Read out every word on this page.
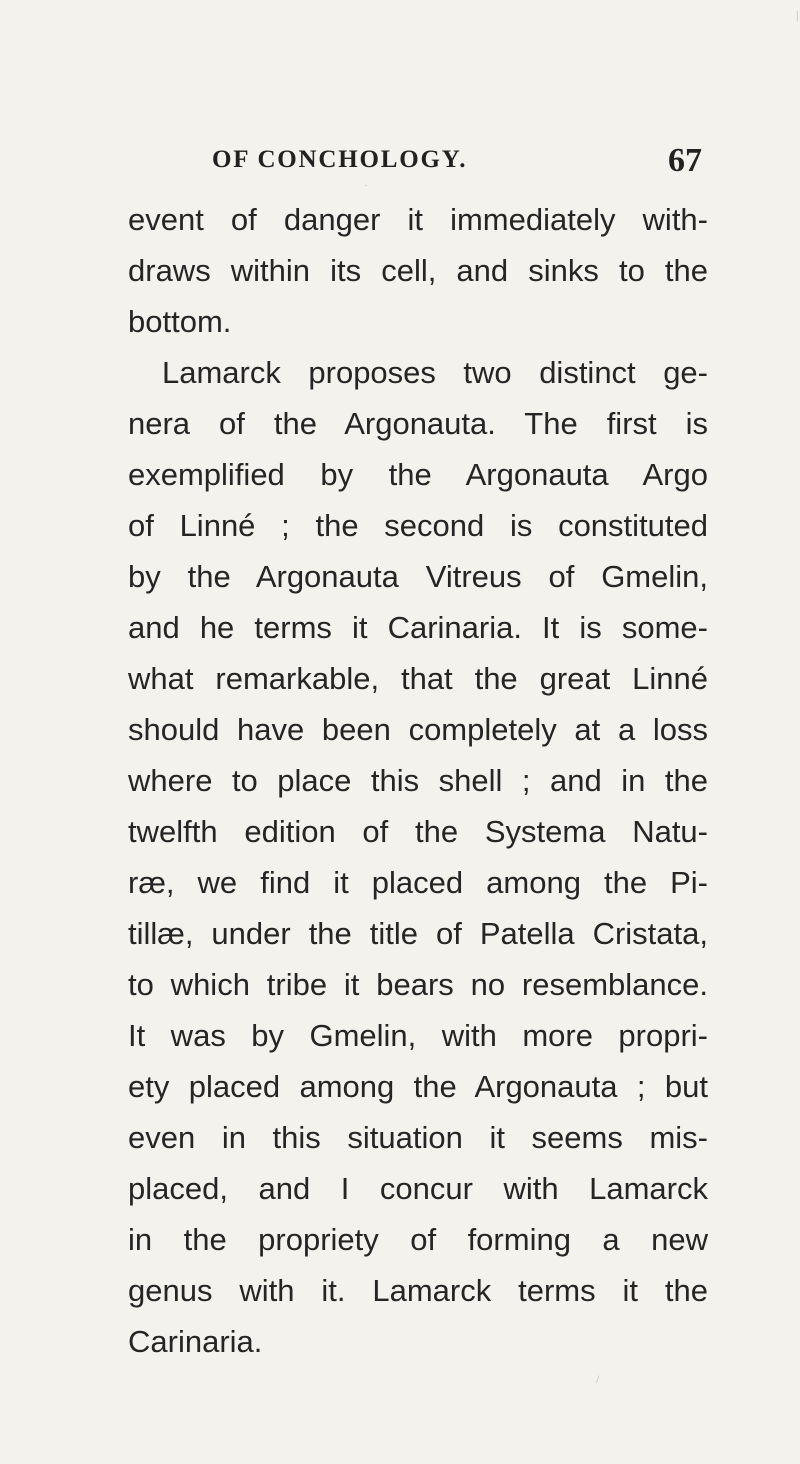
OF CONCHOLOGY.	67
event of danger it immediately with-
draws within its cell, and sinks to the
bottom.
Lamarck proposes two distinct ge-
nera of the Argonauta. The first is
exemplified by the Argonauta Argo
of Linné ; the second is constituted
by the Argonauta Vitreus of Gmelin,
and he terms it Carinaria. It is some-
what remarkable, that the great Linné
should have been completely at a loss
where to place this shell ; and in the
twelfth edition of the Systema Natu-
ræ, we find it placed among the Pi-
tillæ, under the title of Patella Cristata,
to which tribe it bears no resemblance.
It was by Gmelin, with more propri-
ety placed among the Argonauta ; but
even in this situation it seems mis-
placed, and I concur with Lamarck
in the propriety of forming a new
genus with it. Lamarck terms it the
Carinaria.
|
·
/
